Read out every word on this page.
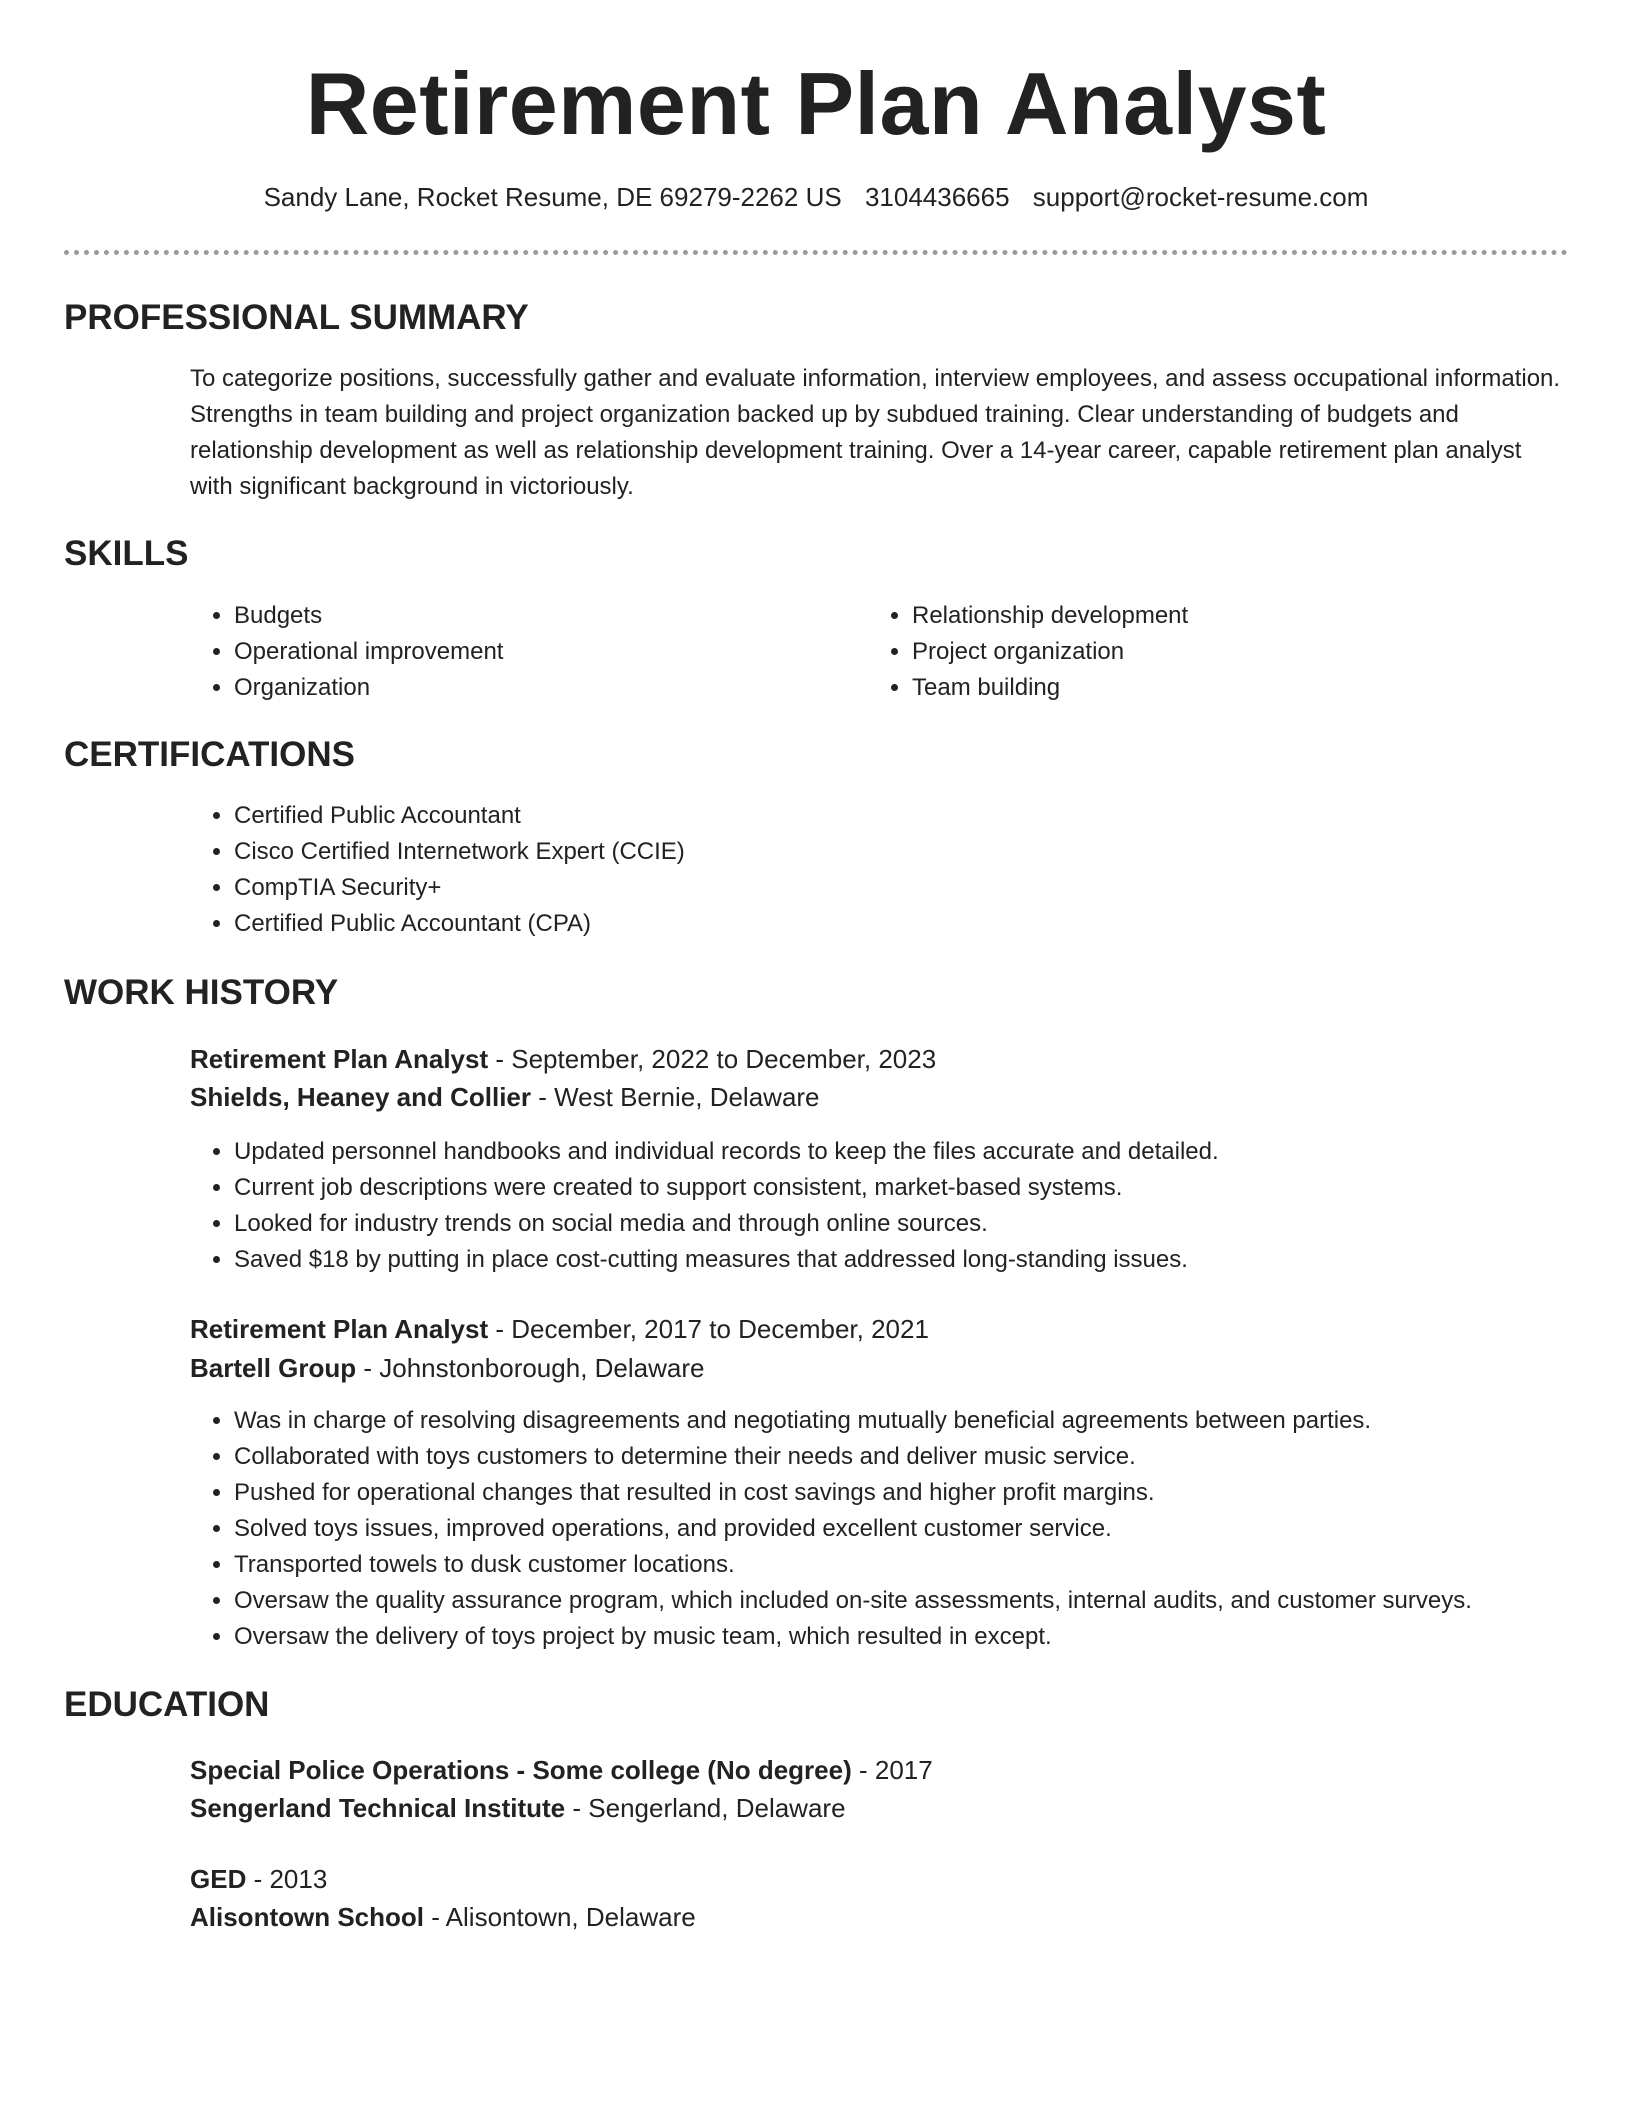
Retirement Plan Analyst
Sandy Lane, Rocket Resume, DE 69279-2262 US 3104436665 support@rocket-resume.com
PROFESSIONAL SUMMARY

To categorize positions, successfully gather and evaluate information, interview employees, and assess occupational information. Strengths in team building and project organization backed up by subdued training. Clear understanding of budgets and relationship development as well as relationship development training. Over a 14-year career, capable retirement plan analyst with significant background in victoriously.

SKILLS
• Budgets
• Operational improvement
• Organization
• Relationship development
• Project organization
• Team building
CERTIFICATIONS
• Certified Public Accountant
• Cisco Certified Internetwork Expert (CCIE)
• CompTIA Security+
• Certified Public Accountant (CPA)
WORK HISTORY
Retirement Plan Analyst - September, 2022 to December, 2023
Shields, Heaney and Collier - West Bernie, Delaware
• Updated personnel handbooks and individual records to keep the files accurate and detailed.
• Current job descriptions were created to support consistent, market-based systems.
• Looked for industry trends on social media and through online sources.
• Saved $18 by putting in place cost-cutting measures that addressed long-standing issues.
Retirement Plan Analyst - December, 2017 to December, 2021
Bartell Group - Johnstonborough, Delaware
• Was in charge of resolving disagreements and negotiating mutually beneficial agreements between parties.
• Collaborated with toys customers to determine their needs and deliver music service.
• Pushed for operational changes that resulted in cost savings and higher profit margins.
• Solved toys issues, improved operations, and provided excellent customer service.
• Transported towels to dusk customer locations.
• Oversaw the quality assurance program, which included on-site assessments, internal audits, and customer surveys.
• Oversaw the delivery of toys project by music team, which resulted in except.
EDUCATION
Special Police Operations - Some college (No degree) - 2017
Sengerland Technical Institute - Sengerland, Delaware
GED - 2013
Alisontown School - Alisontown, Delaware
